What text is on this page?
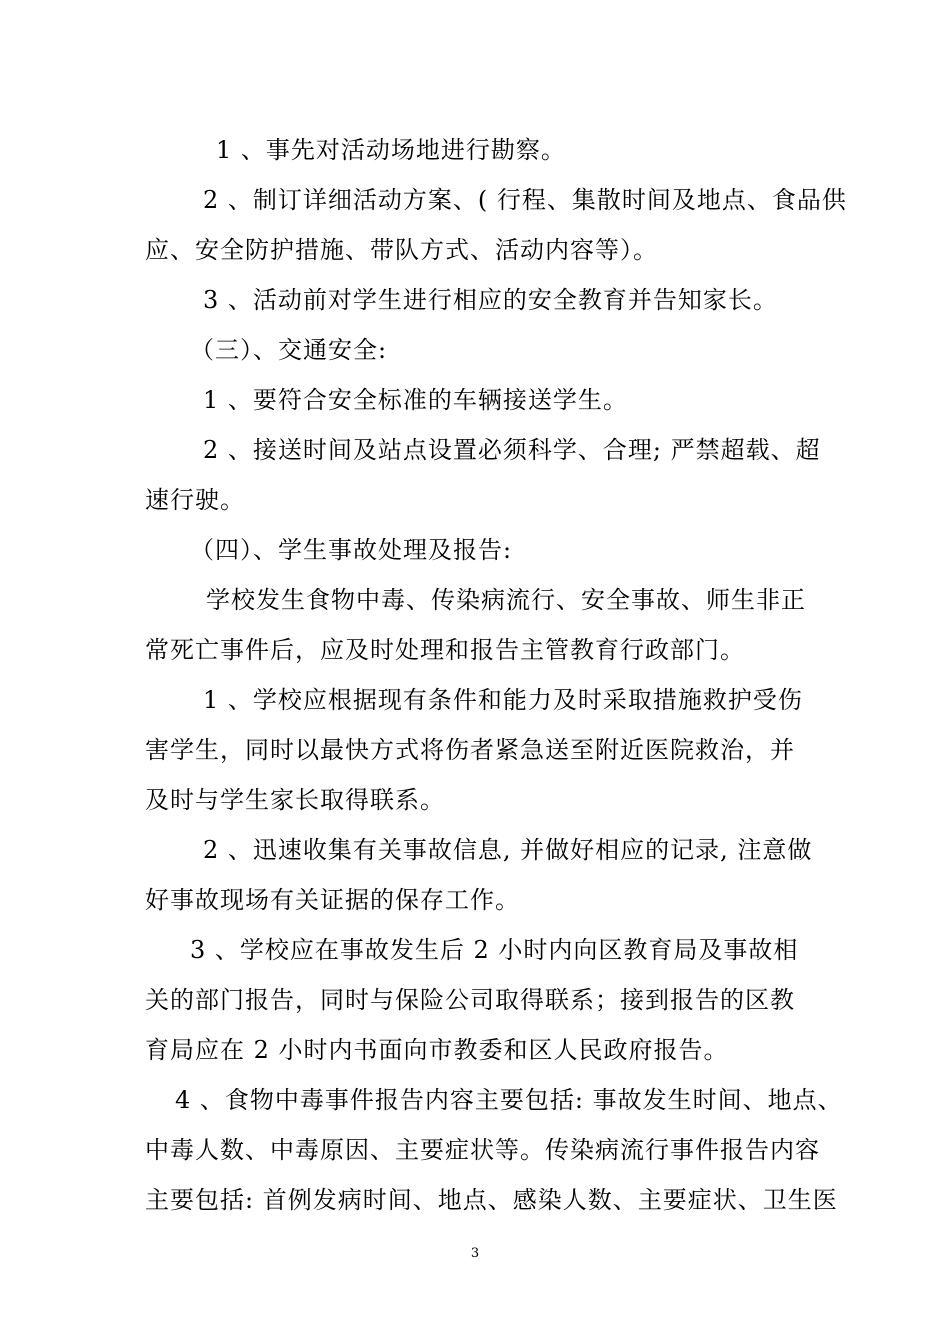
1 、事先对活动场地进行勘察。
2 、制订详细活动方案、( 行程、集散时间及地点、食品供
应、安全防护措施、带队方式、活动内容等）。
3 、活动前对学生进行相应的安全教育并告知家长。
（三）、交通安全:
1 、要符合安全标准的车辆接送学生。
2 、接送时间及站点设置必须科学、合理; 严禁超载、超
速行驶。
（四）、学生事故处理及报告:
学校发生食物中毒、传染病流行、安全事故、师生非正
常死亡事件后，应及时处理和报告主管教育行政部门。
1 、学校应根据现有条件和能力及时采取措施救护受伤
害学生，同时以最快方式将伤者紧急送至附近医院救治，并
及时与学生家长取得联系。
2 、迅速收集有关事故信息, 并做好相应的记录, 注意做
好事故现场有关证据的保存工作。
3 、学校应在事故发生后 2 小时内向区教育局及事故相
关的部门报告，同时与保险公司取得联系；接到报告的区教
育局应在 2 小时内书面向市教委和区人民政府报告。
4 、食物中毒事件报告内容主要包括: 事故发生时间、地点、
中毒人数、中毒原因、主要症状等。传染病流行事件报告内容
主要包括: 首例发病时间、地点、感染人数、主要症状、卫生医
3
